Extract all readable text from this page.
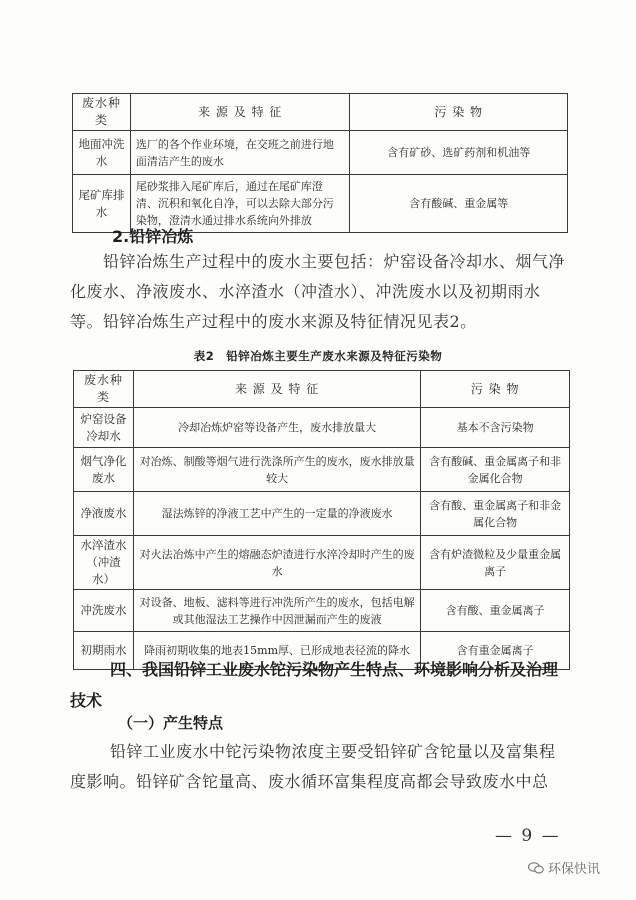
废水种类	来 源 及 特 征	污 染 物
地面冲洗水	选厂的各个作业环境，在交班之前进行地面清洁产生的废水	含有矿砂、选矿药剂和机油等
尾矿库排水	尾砂浆排入尾矿库后，通过在尾矿库澄清、沉积和氧化自净，可以去除大部分污染物，澄清水通过排水系统向外排放	含有酸碱、重金属等
2.铅锌冶炼
铅锌冶炼生产过程中的废水主要包括：炉窑设备冷却水、烟气净化废水、净液废水、水淬渣水（冲渣水）、冲洗废水以及初期雨水等。 铅锌冶炼生产过程中的废水来源及特征情况见表2。
表2　铅锌冶炼主要生产废水来源及特征污染物
废水种类	来 源 及 特 征	污 染 物
炉窑设备冷却水	冷却冶炼炉窑等设备产生，废水排放量大	基本不含污染物
烟气净化废水	对冶炼、制酸等烟气进行洗涤所产生的废水，废水排放量较大	含有酸碱、重金属离子和非金属化合物
净液废水	湿法炼锌的净液工艺中产生的一定量的净液废水	含有酸、重金属离子和非金属化合物
水淬渣水（冲渣水）	对火法冶炼中产生的熔融态炉渣进行水淬冷却时产生的废水	含有炉渣微粒及少量重金属离子
冲洗废水	对设备、地板、滤料等进行冲洗所产生的废水，包括电解或其他湿法工艺操作中因泄漏而产生的废液	含有酸、重金属离子
初期雨水	降雨初期收集的地表15mm厚、已形成地表径流的降水	含有重金属离子
四、我国铅锌工业废水铊污染物产生特点、环境影响分析及治理技术
（一）产生特点
铅锌工业废水中铊污染物浓度主要受铅锌矿含铊量以及富集程度影响。铅锌矿含铊量高、废水循环富集程度高都会导致废水中总
— 9 —
环保快讯
